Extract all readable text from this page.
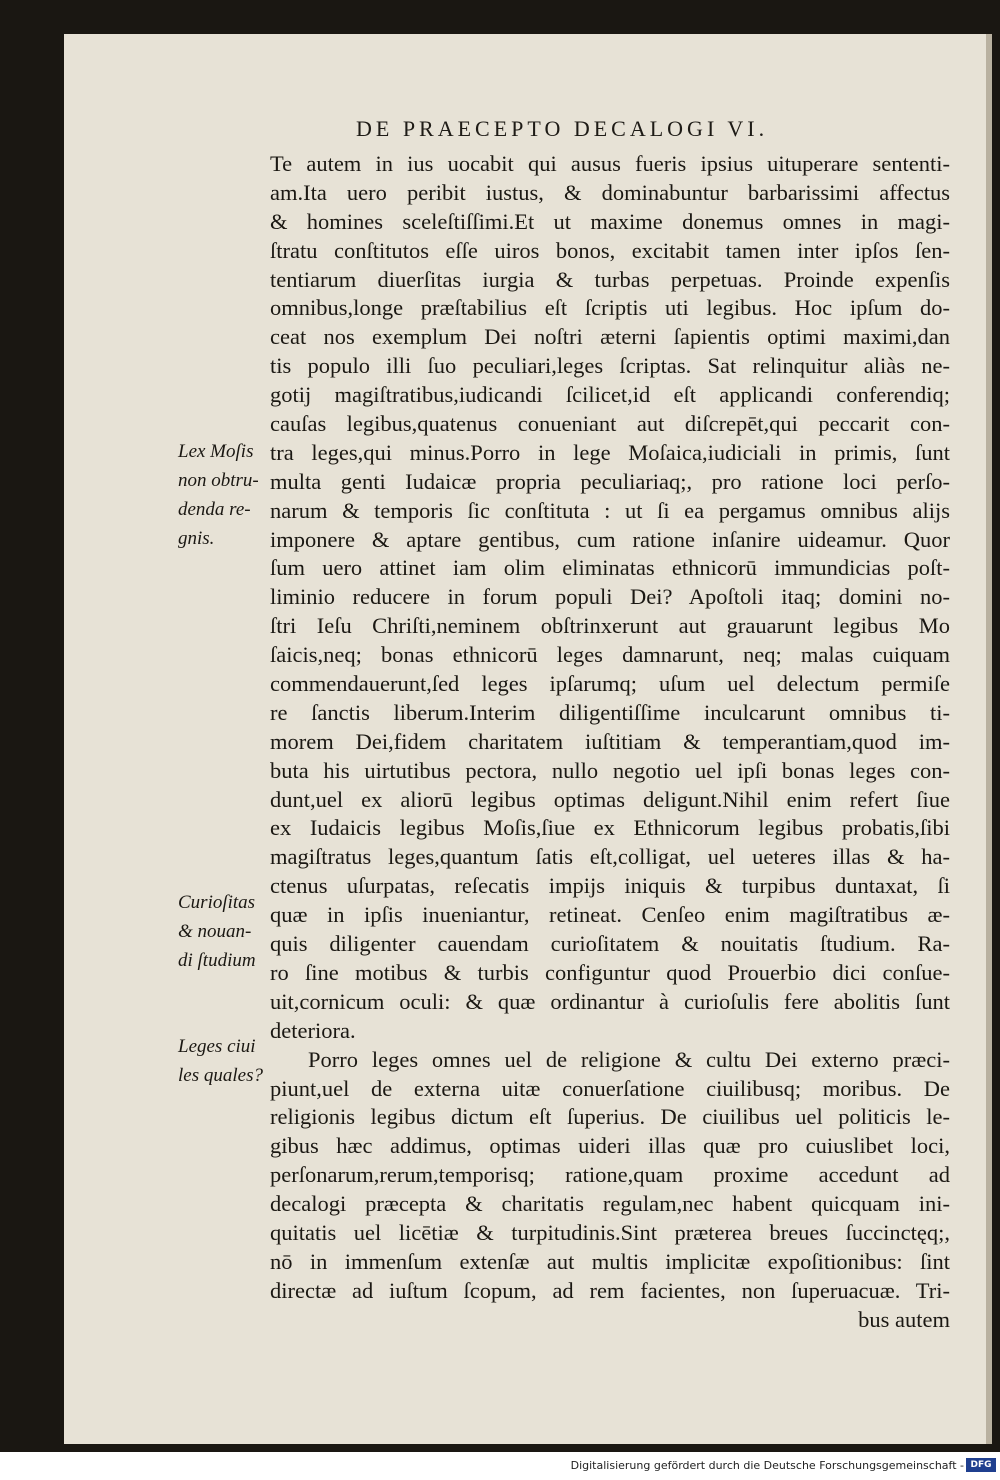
DE PRAECEPTO DECALOGI VI.
Te autem in ius uocabit qui ausus fueris ipsius uituperare sententi-
am.Ita uero peribit iustus, & dominabuntur barbarissimi affectus
& homines sceleſtiſſimi.Et ut maxime donemus omnes in magi-
ſtratu conſtitutos eſſe uiros bonos, excitabit tamen inter ipſos ſen-
tentiarum diuerſitas iurgia & turbas perpetuas. Proinde expenſis
omnibus,longe præſtabilius eſt ſcriptis uti legibus. Hoc ipſum do-
ceat nos exemplum Dei noſtri æterni ſapientis optimi maximi,dan
tis populo illi ſuo peculiari,leges ſcriptas. Sat relinquitur aliàs ne-
gotij magiſtratibus,iudicandi ſcilicet,id eſt applicandi conferendiq;
cauſas legibus,quatenus conueniant aut diſcrepēt,qui peccarit con-
tra leges,qui minus.Porro in lege Moſaica,iudiciali in primis, ſunt
multa genti Iudaicæ propria peculiariaq;, pro ratione loci perſo-
narum & temporis ſic conſtituta : ut ſi ea pergamus omnibus alijs
imponere & aptare gentibus, cum ratione inſanire uideamur. Quor
ſum uero attinet iam olim eliminatas ethnicorū immundicias poſt-
liminio reducere in forum populi Dei? Apoſtoli itaq; domini no-
ſtri Ieſu Chriſti,neminem obſtrinxerunt aut grauarunt legibus Mo
ſaicis,neq; bonas ethnicorū leges damnarunt, neq; malas cuiquam
commendauerunt,ſed leges ipſarumq; uſum uel delectum permiſe
re ſanctis liberum.Interim diligentiſſime inculcarunt omnibus ti-
morem Dei,fidem charitatem iuſtitiam & temperantiam,quod im-
buta his uirtutibus pectora, nullo negotio uel ipſi bonas leges con-
dunt,uel ex aliorū legibus optimas deligunt.Nihil enim refert ſiue
ex Iudaicis legibus Moſis,ſiue ex Ethnicorum legibus probatis,ſibi
magiſtratus leges,quantum ſatis eſt,colligat, uel ueteres illas & ha-
ctenus uſurpatas, reſecatis impijs iniquis & turpibus duntaxat, ſi
quæ in ipſis inueniantur, retineat. Cenſeo enim magiſtratibus æ-
quis diligenter cauendam curioſitatem & nouitatis ſtudium. Ra-
ro ſine motibus & turbis configuntur quod Prouerbio dici conſue-
uit,cornicum oculi: & quæ ordinantur à curioſulis fere abolitis ſunt
deteriora.
Porro leges omnes uel de religione & cultu Dei externo præci-
piunt,uel de externa uitæ conuerſatione ciuilibusq; moribus. De
religionis legibus dictum eſt ſuperius. De ciuilibus uel politicis le-
gibus hæc addimus, optimas uideri illas quæ pro cuiuslibet loci,
perſonarum,rerum,temporisq; ratione,quam proxime accedunt ad
decalogi præcepta & charitatis regulam,nec habent quicquam ini-
quitatis uel licētiæ & turpitudinis.Sint præterea breues ſuccinctęq;,
nō in immenſum extenſæ aut multis implicitæ expoſitionibus: ſint
directæ ad iuſtum ſcopum, ad rem facientes, non ſuperuacuæ. Tri-
bus autem
Lex Moſis
non obtru-
denda re-
gnis.
Curioſitas
& nouan-
di ſtudium
Leges ciui
les quales?
Digitalisierung gefördert durch die Deutsche Forschungsgemeinschaft - DFG
